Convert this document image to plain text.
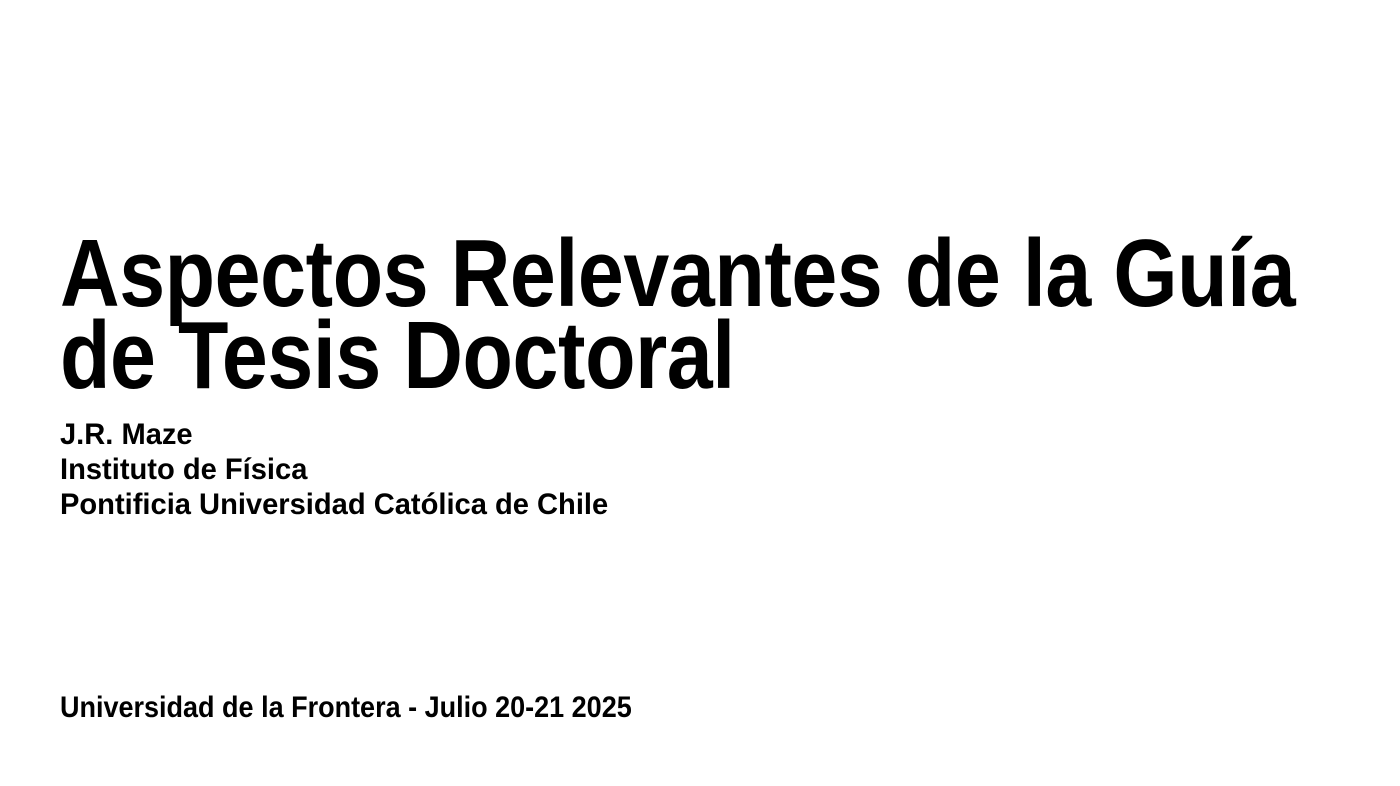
Aspectos Relevantes de la Guía
de Tesis Doctoral
J.R. Maze
Instituto de Física
Pontificia Universidad Católica de Chile
Universidad de la Frontera - Julio 20-21 2025
